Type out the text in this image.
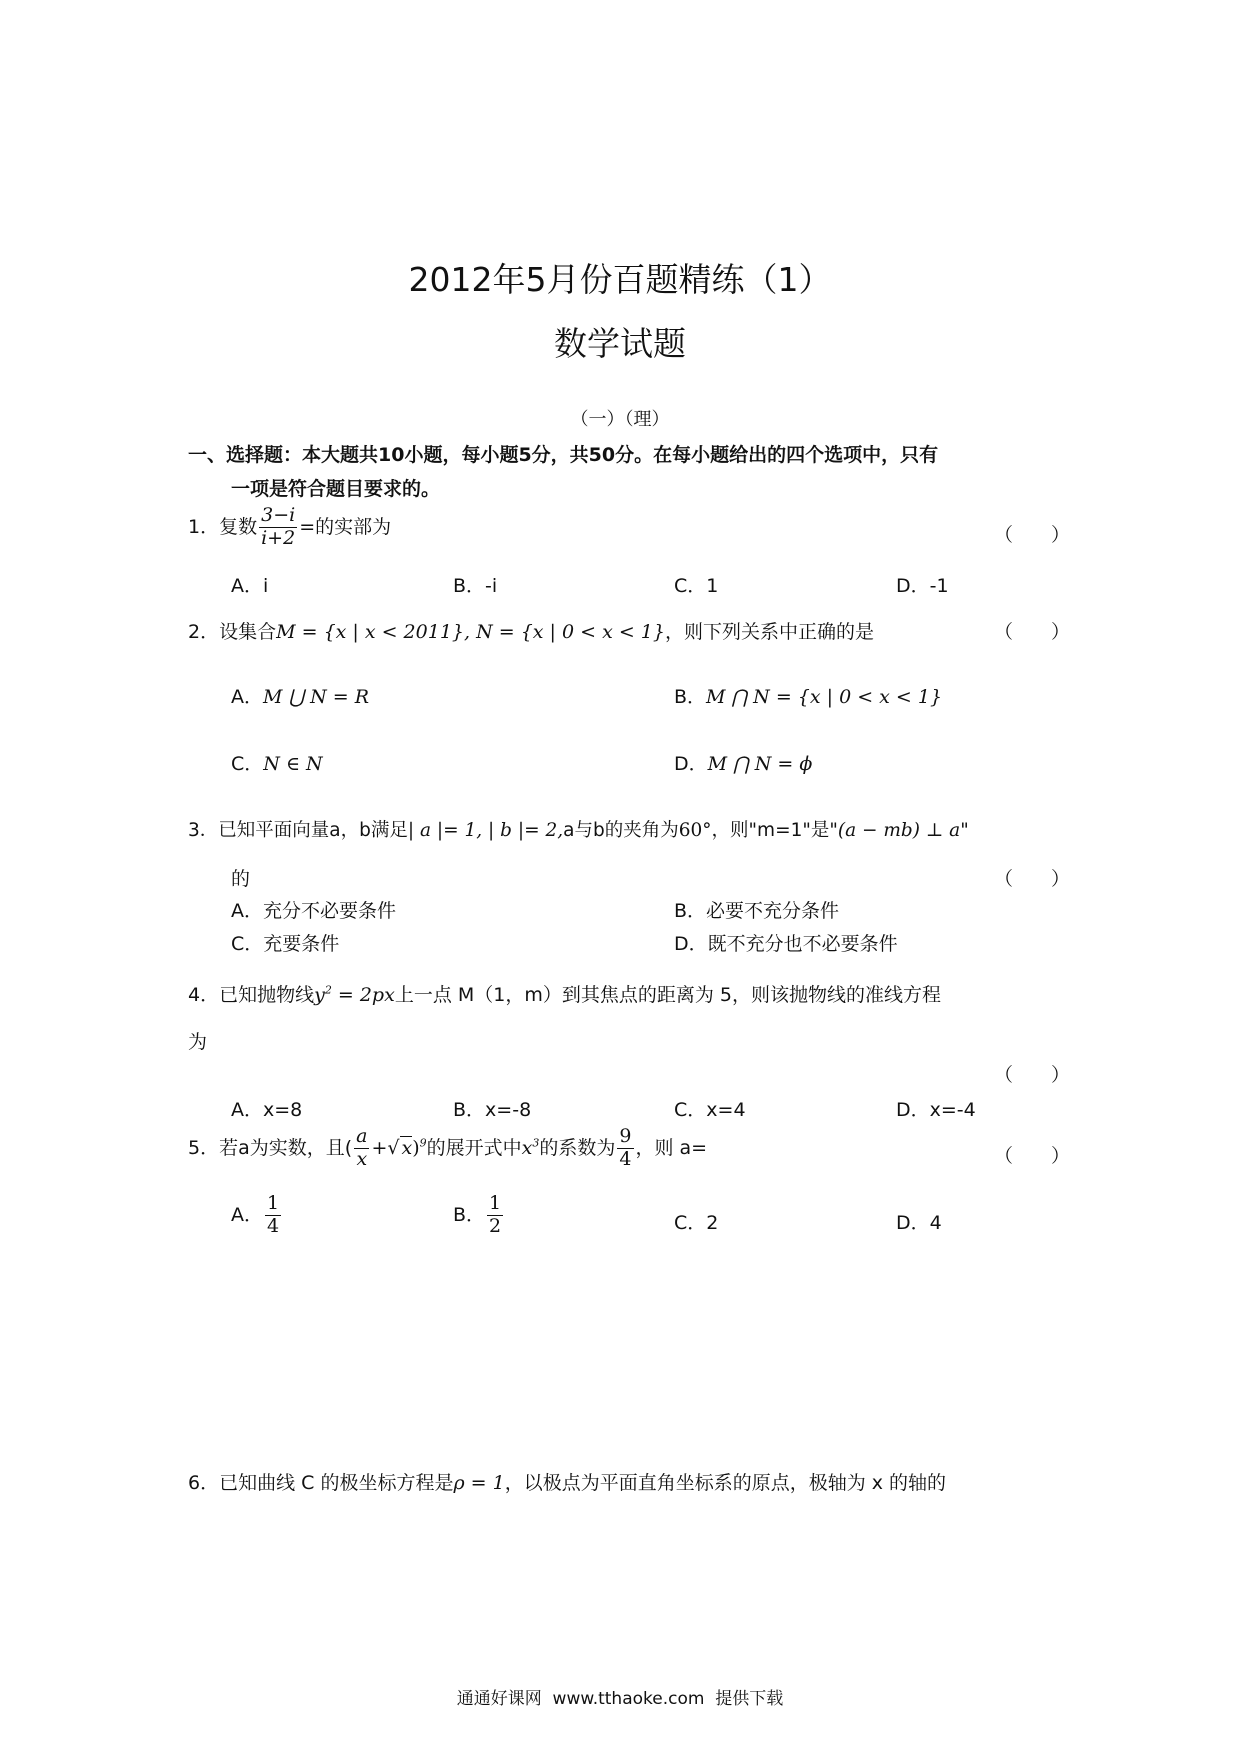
2012年5月份百题精练（1）
数学试题
（一）（理）
一、选择题：本大题共10小题，每小题5分，共50分。在每小题给出的四个选项中，只有
一项是符合题目要求的。
1．复数 $\frac{3-i}{i+2}$ =的实部为	（　　）
A．i	B．-i	C．1	D．-1
2．设集合M = {x | x < 2011}, N = {x | 0 < x < 1}，则下列关系中正确的是	（　　）
A．M ⋃ N = R	B．M ⋂ N = {x | 0 < x < 1}
C．N ∈ N	D．M ⋂ N = ϕ
3．已知平面向量a，b满足| a |= 1, | b |= 2,a与b的夹角为60°，则"m=1"是"(a − mb) ⊥ a"
的	（　　）
A．充分不必要条件	B．必要不充分条件
C．充要条件	D．既不充分也不必要条件
4．已知抛物线$y^2 = 2px$上一点 M（1，m）到其焦点的距离为 5，则该抛物线的准线方程
为
（　　）
A．x=8	B．x=-8	C．x=4	D．x=-4
5．若a为实数，且( $\frac{a}{x}$ +√ x)$^9$的展开式中$x^3$的系数为 $\frac{9}{4}$ ，则 a=	（　　）
A． $\frac{1}{4}$	B． $\frac{1}{2}$	C．2	D．4
6．已知曲线 C 的极坐标方程是ρ = 1，以极点为平面直角坐标系的原点，极轴为 x 的轴的
通通好课网  www.tthaoke.com  提供下载
